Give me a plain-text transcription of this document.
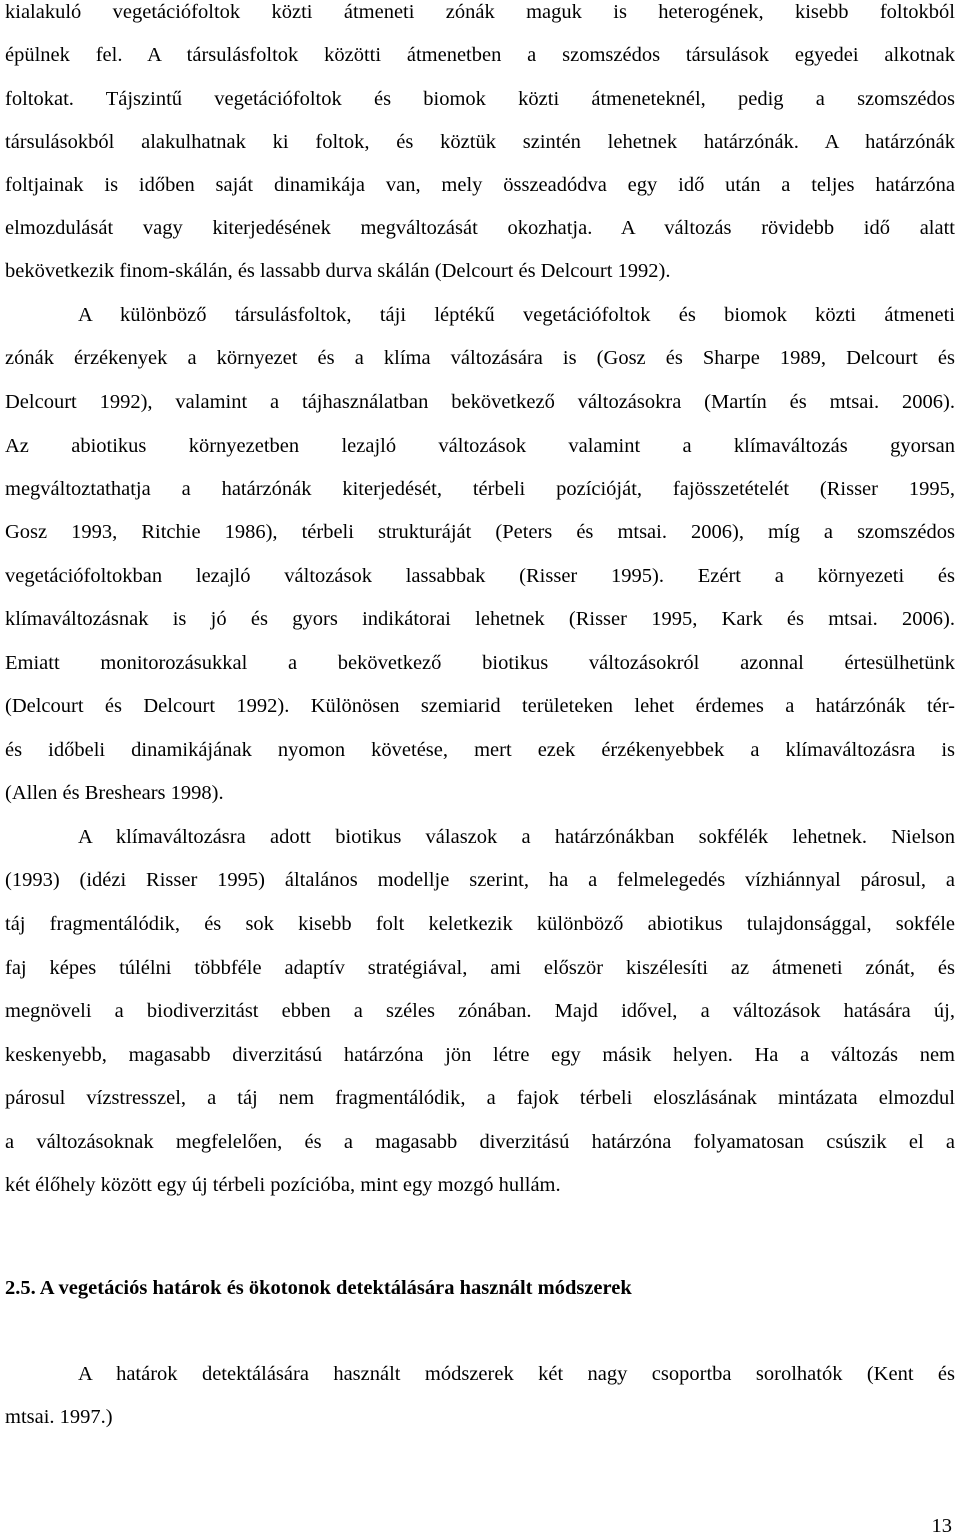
kialakuló vegetációfoltok közti átmeneti zónák maguk is heterogének, kisebb foltokból
épülnek fel. A társulásfoltok közötti átmenetben a szomszédos társulások egyedei alkotnak
foltokat. Tájszintű vegetációfoltok és biomok közti átmeneteknél, pedig a szomszédos
társulásokból alakulhatnak ki foltok, és köztük szintén lehetnek határzónák. A határzónák
foltjainak is időben saját dinamikája van, mely összeadódva egy idő után a teljes határzóna
elmozdulását vagy kiterjedésének megváltozását okozhatja. A változás rövidebb idő alatt
bekövetkezik finom-skálán, és lassabb durva skálán (Delcourt és Delcourt 1992).
A különböző társulásfoltok, táji léptékű vegetációfoltok és biomok közti átmeneti
zónák érzékenyek a környezet és a klíma változására is (Gosz és Sharpe 1989, Delcourt és
Delcourt 1992), valamint a tájhasználatban bekövetkező változásokra (Martín és mtsai. 2006).
Az abiotikus környezetben lezajló változások valamint a klímaváltozás gyorsan
megváltoztathatja a határzónák kiterjedését, térbeli pozícióját, fajösszetételét (Risser 1995,
Gosz 1993, Ritchie 1986), térbeli strukturáját (Peters és mtsai. 2006), míg a szomszédos
vegetációfoltokban lezajló változások lassabbak (Risser 1995). Ezért a környezeti és
klímaváltozásnak is jó és gyors indikátorai lehetnek (Risser 1995, Kark és mtsai. 2006).
Emiatt monitorozásukkal a bekövetkező biotikus változásokról azonnal értesülhetünk
(Delcourt és Delcourt 1992). Különösen szemiarid területeken lehet érdemes a határzónák tér-
és időbeli dinamikájának nyomon követése, mert ezek érzékenyebbek a klímaváltozásra is
(Allen és Breshears 1998).
A klímaváltozásra adott biotikus válaszok a határzónákban sokfélék lehetnek. Nielson
(1993) (idézi Risser 1995) általános modellje szerint, ha a felmelegedés vízhiánnyal párosul, a
táj fragmentálódik, és sok kisebb folt keletkezik különböző abiotikus tulajdonsággal, sokféle
faj képes túlélni többféle adaptív stratégiával, ami először kiszélesíti az átmeneti zónát, és
megnöveli a biodiverzitást ebben a széles zónában. Majd idővel, a változások hatására új,
keskenyebb, magasabb diverzitású határzóna jön létre egy másik helyen. Ha a változás nem
párosul vízstresszel, a táj nem fragmentálódik, a fajok térbeli eloszlásának mintázata elmozdul
a változásoknak megfelelően, és a magasabb diverzitású határzóna folyamatosan csúszik el a
két élőhely között egy új térbeli pozícióba, mint egy mozgó hullám.
2.5. A vegetációs határok és ökotonok detektálására használt módszerek
A határok detektálására használt módszerek két nagy csoportba sorolhatók (Kent és
mtsai. 1997.)
13
